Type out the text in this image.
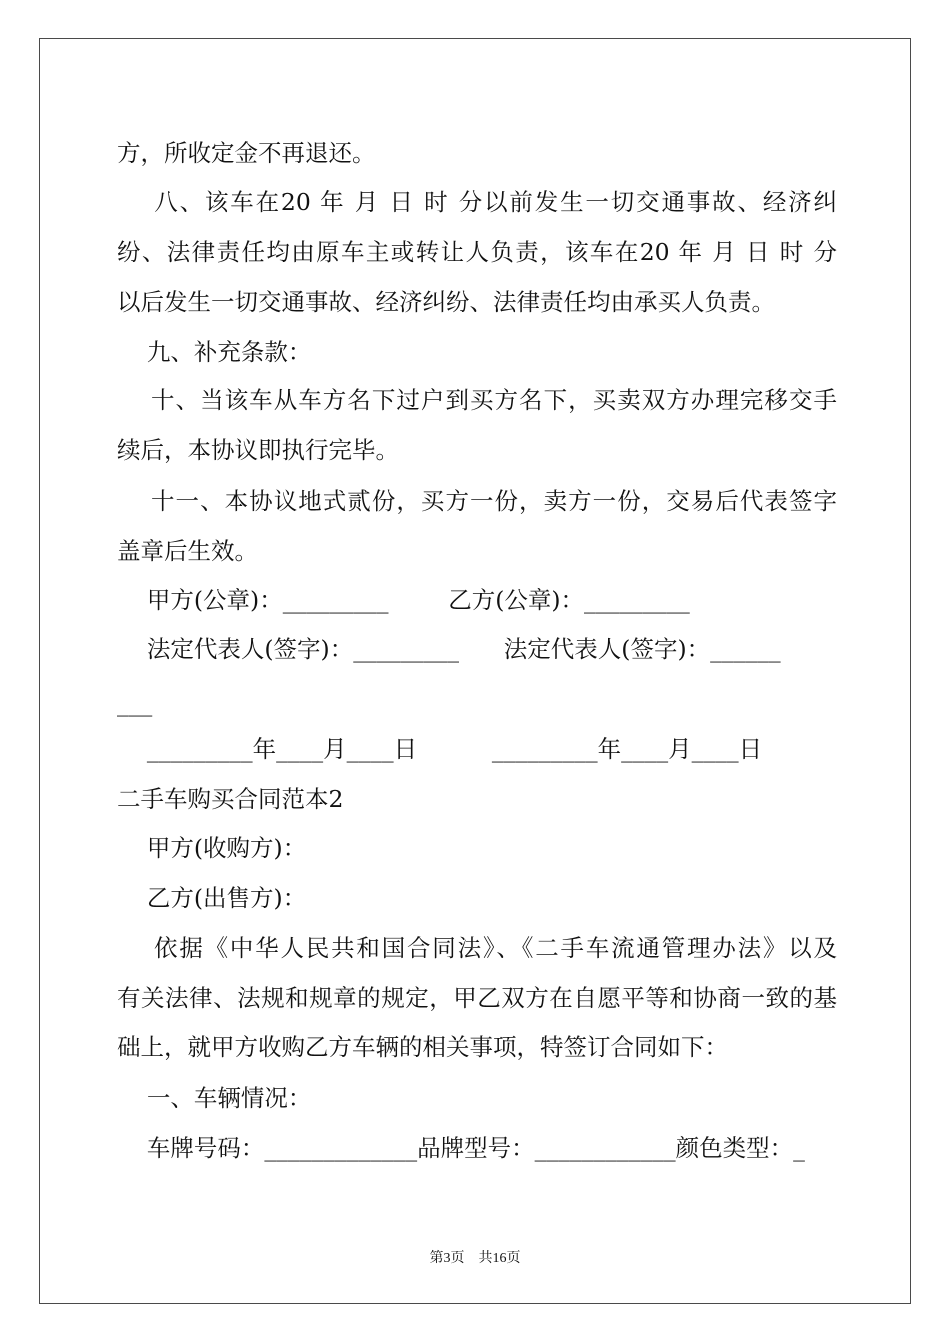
方，所收定金不再退还。
八、该车在20 年 月 日 时 分以前发生一切交通事故、经济纠
纷、法律责任均由原车主或转让人负责，该车在20 年 月 日 时 分
以后发生一切交通事故、经济纠纷、法律责任均由承买人负责。
九、补充条款：
十、当该车从车方名下过户到买方名下，买卖双方办理完移交手
续后，本协议即执行完毕。
十一、本协议地式贰份，买方一份，卖方一份，交易后代表签字
盖章后生效。
甲方(公章)：_________        乙方(公章)：_________
法定代表人(签字)：_________      法定代表人(签字)：______
___
_________年____月____日          _________年____月____日
二手车购买合同范本2
甲方(收购方)：
乙方(出售方)：
依据《中华人民共和国合同法》、《二手车流通管理办法》以及
有关法律、法规和规章的规定，甲乙双方在自愿平等和协商一致的基
础上，就甲方收购乙方车辆的相关事项，特签订合同如下：
一、车辆情况：
车牌号码：_____________品牌型号：____________颜色类型：_
第3页　共16页
